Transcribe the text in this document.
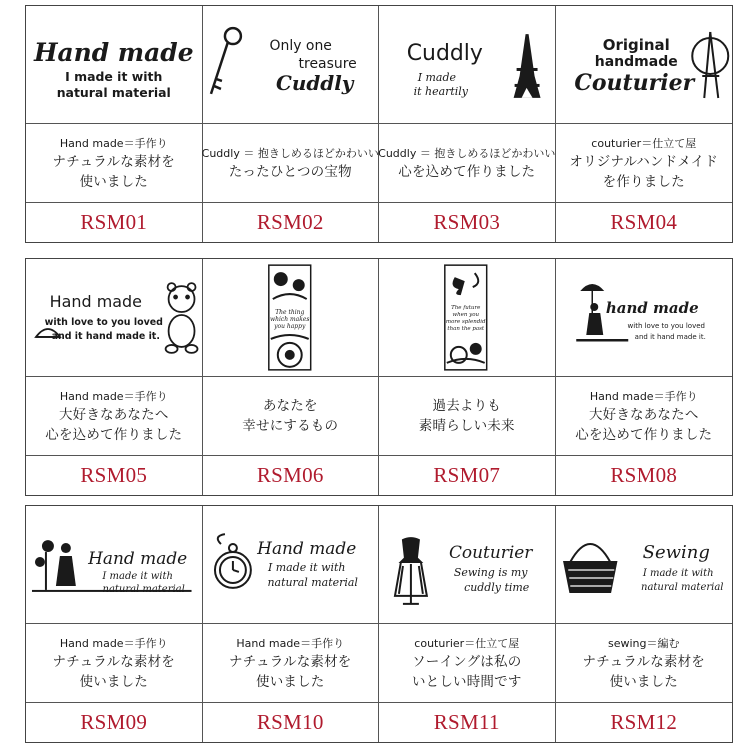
Hand made
I made it with
natural material
Hand made＝手作り
ナチュラルな素材を
使いました
RSM01
Only one
treasure
Cuddly
Cuddly ＝ 抱きしめるほどかわいい
たったひとつの宝物
RSM02
Cuddly
I made
it heartily
Cuddly ＝ 抱きしめるほどかわいい
心を込めて作りました
RSM03
Original
handmade
Couturier
couturier＝仕立て屋
オリジナルハンドメイド
を作りました
RSM04
Hand made
with love to you loved
and it hand made it.
Hand made＝手作り
大好きなあなたへ
心を込めて作りました
RSM05
The thing
which makes
you happy
あなたを
幸せにするもの
RSM06
The future
when you
more splendid
than the past
過去よりも
素晴らしい未来
RSM07
hand made
with love to you loved
and it hand made it.
Hand made＝手作り
大好きなあなたへ
心を込めて作りました
RSM08
Hand made
I made it with
natural material
Hand made＝手作り
ナチュラルな素材を
使いました
RSM09
Hand made
I made it with
natural material
Hand made＝手作り
ナチュラルな素材を
使いました
RSM10
Couturier
Sewing is my
cuddly time
couturier＝仕立て屋
ソーイングは私の
いとしい時間です
RSM11
Sewing
I made it with
natural material
sewing＝編む
ナチュラルな素材を
使いました
RSM12
